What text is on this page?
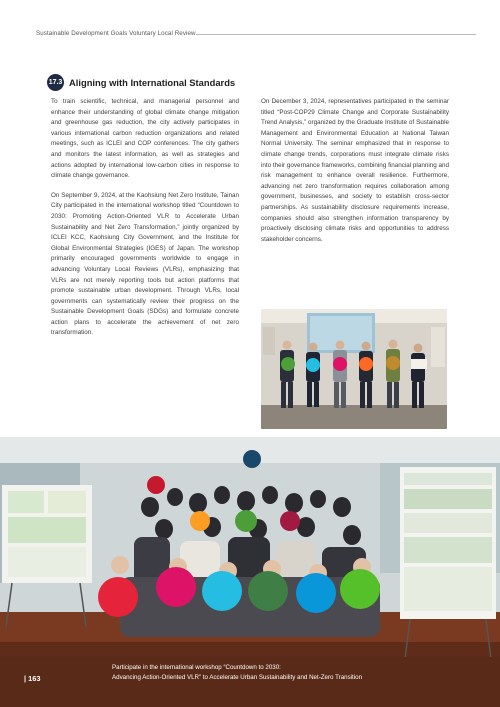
Sustainable Development Goals Voluntary Local Review
17.3 Aligning with International Standards

To train scientific, technical, and managerial personnel and enhance their understanding of global climate change mitigation and greenhouse gas reduction, the city actively participates in various international carbon reduction organizations and related meetings, such as ICLEI and COP conferences. The city gathers and monitors the latest information, as well as strategies and actions adopted by international low-carbon cities in response to climate change governance.

On September 9, 2024, at the Kaohsiung Net Zero Institute, Tainan City participated in the international workshop titled “Countdown to 2030: Promoting Action-Oriented VLR to Accelerate Urban Sustainability and Net Zero Transformation,” jointly organized by ICLEI KCC, Kaohsiung City Government, and the Institute for Global Environmental Strategies (IGES) of Japan. The workshop primarily encouraged governments worldwide to engage in advancing Voluntary Local Reviews (VLRs), emphasizing that VLRs are not merely reporting tools but action platforms that promote sustainable urban development. Through VLRs, local governments can systematically review their progress on the Sustainable Development Goals (SDGs) and formulate concrete action plans to accelerate the achievement of net zero transformation.

On December 3, 2024, representatives participated in the seminar titled “Post-COP29 Climate Change and Corporate Sustainability Trend Analysis,” organized by the Graduate Institute of Sustainable Management and Environmental Education at National Taiwan Normal University. The seminar emphasized that in response to climate change trends, corporations must integrate climate risks into their governance frameworks, combining financial planning and risk management to enhance overall resilience. Furthermore, advancing net zero transformation requires collaboration among government, businesses, and society to establish cross-sector partnerships. As sustainability disclosure requirements increase, companies should also strengthen information transparency by proactively disclosing climate risks and opportunities to address stakeholder concerns.

| 163
Participate in the international workshop “Countdown to 2030:
Advancing Action-Oriented VLR” to Accelerate Urban Sustainability and Net-Zero Transition
